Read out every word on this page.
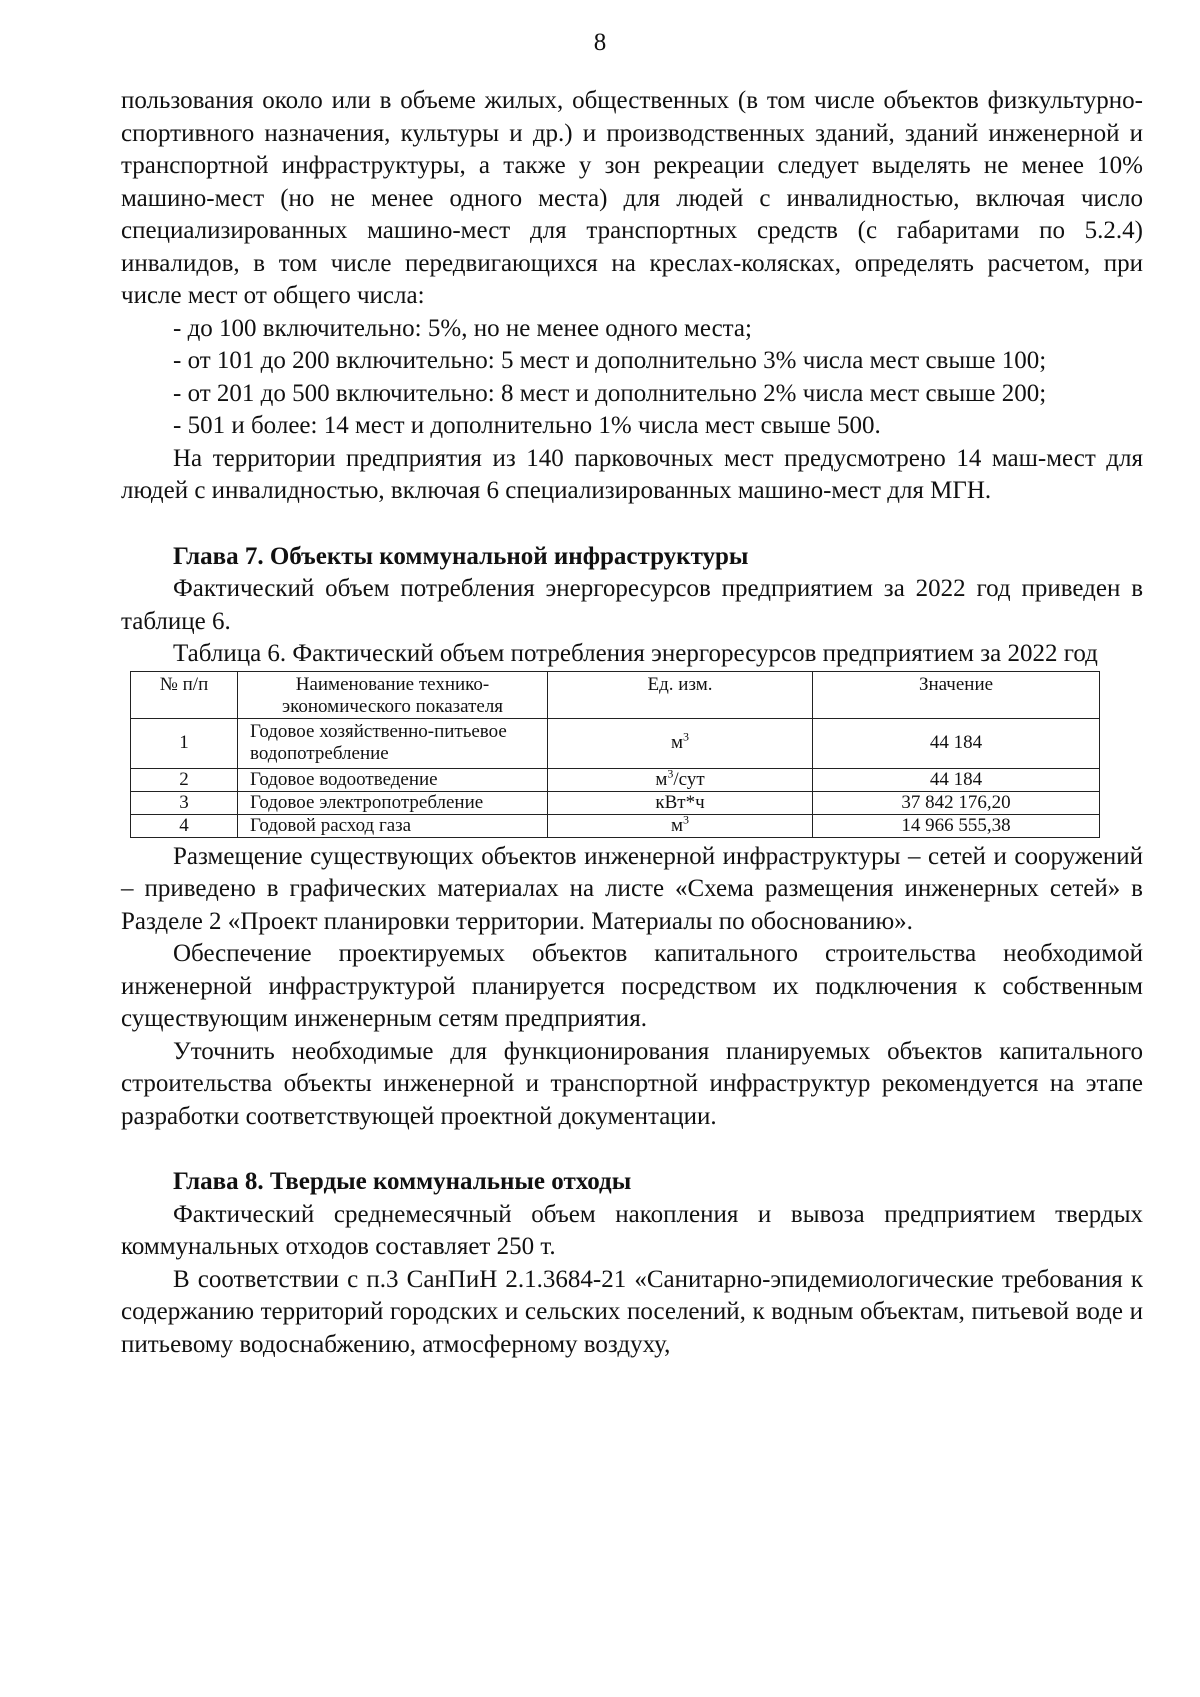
8

пользования около или в объеме жилых, общественных (в том числе объектов физкультурно-спортивного назначения, культуры и др.) и производственных зданий, зданий инженерной и транспортной инфраструктуры, а также у зон рекреации следует выделять не менее 10% машино-мест (но не менее одного места) для людей с инвалидностью, включая число специализированных машино-мест для транспортных средств (с габаритами по 5.2.4) инвалидов, в том числе передвигающихся на креслах-колясках, определять расчетом, при числе мест от общего числа:

- до 100 включительно: 5%, но не менее одного места;

- от 101 до 200 включительно: 5 мест и дополнительно 3% числа мест свыше 100;

- от 201 до 500 включительно: 8 мест и дополнительно 2% числа мест свыше 200;

- 501 и более: 14 мест и дополнительно 1% числа мест свыше 500.

На территории предприятия из 140 парковочных мест предусмотрено 14 маш-мест для людей с инвалидностью, включая 6 специализированных машино-мест для МГН.

Глава 7. Объекты коммунальной инфраструктуры

Фактический объем потребления энергоресурсов предприятием за 2022 год приведен в таблице 6.

Таблица 6. Фактический объем потребления энергоресурсов предприятием за 2022 год

№ п/п	Наименование технико-экономического показателя	Ед. изм.	Значение
1	Годовое хозяйственно-питьевое водопотребление	$м^3$	44 184
2	Годовое водоотведение	$м^3$/сут	44 184
3	Годовое электропотребление	кВт*ч	37 842 176,20
4	Годовой расход газа	$м^3$	14 966 555,38

Размещение существующих объектов инженерной инфраструктуры – сетей и сооружений – приведено в графических материалах на листе «Схема размещения инженерных сетей» в Разделе 2 «Проект планировки территории. Материалы по обоснованию».

Обеспечение проектируемых объектов капитального строительства необходимой инженерной инфраструктурой планируется посредством их подключения к собственным существующим инженерным сетям предприятия.

Уточнить необходимые для функционирования планируемых объектов капитального строительства объекты инженерной и транспортной инфраструктур рекомендуется на этапе разработки соответствующей проектной документации.

Глава 8. Твердые коммунальные отходы

Фактический среднемесячный объем накопления и вывоза предприятием твердых коммунальных отходов составляет 250 т.

В соответствии с п.3 СанПиН 2.1.3684-21 «Санитарно-эпидемиологические требования к содержанию территорий городских и сельских поселений, к водным объектам, питьевой воде и питьевому водоснабжению, атмосферному воздуху,
